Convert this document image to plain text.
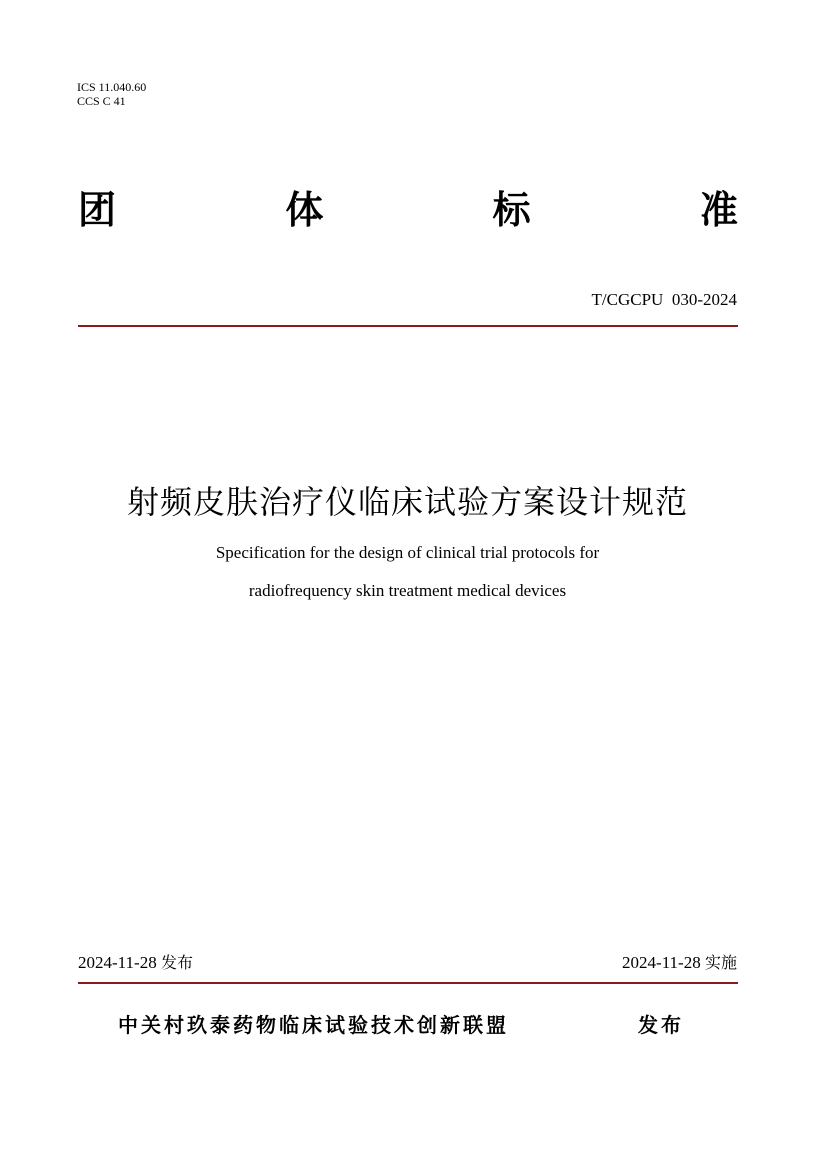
ICS 11.040.60
CCS C 41
团	体	标	准
T/CGCPU  030-2024
射频皮肤治疗仪临床试验方案设计规范
Specification for the design of clinical trial protocols for
radiofrequency skin treatment medical devices
2024-11-28 发布	2024-11-28 实施
中关村玖泰药物临床试验技术创新联盟	发布
